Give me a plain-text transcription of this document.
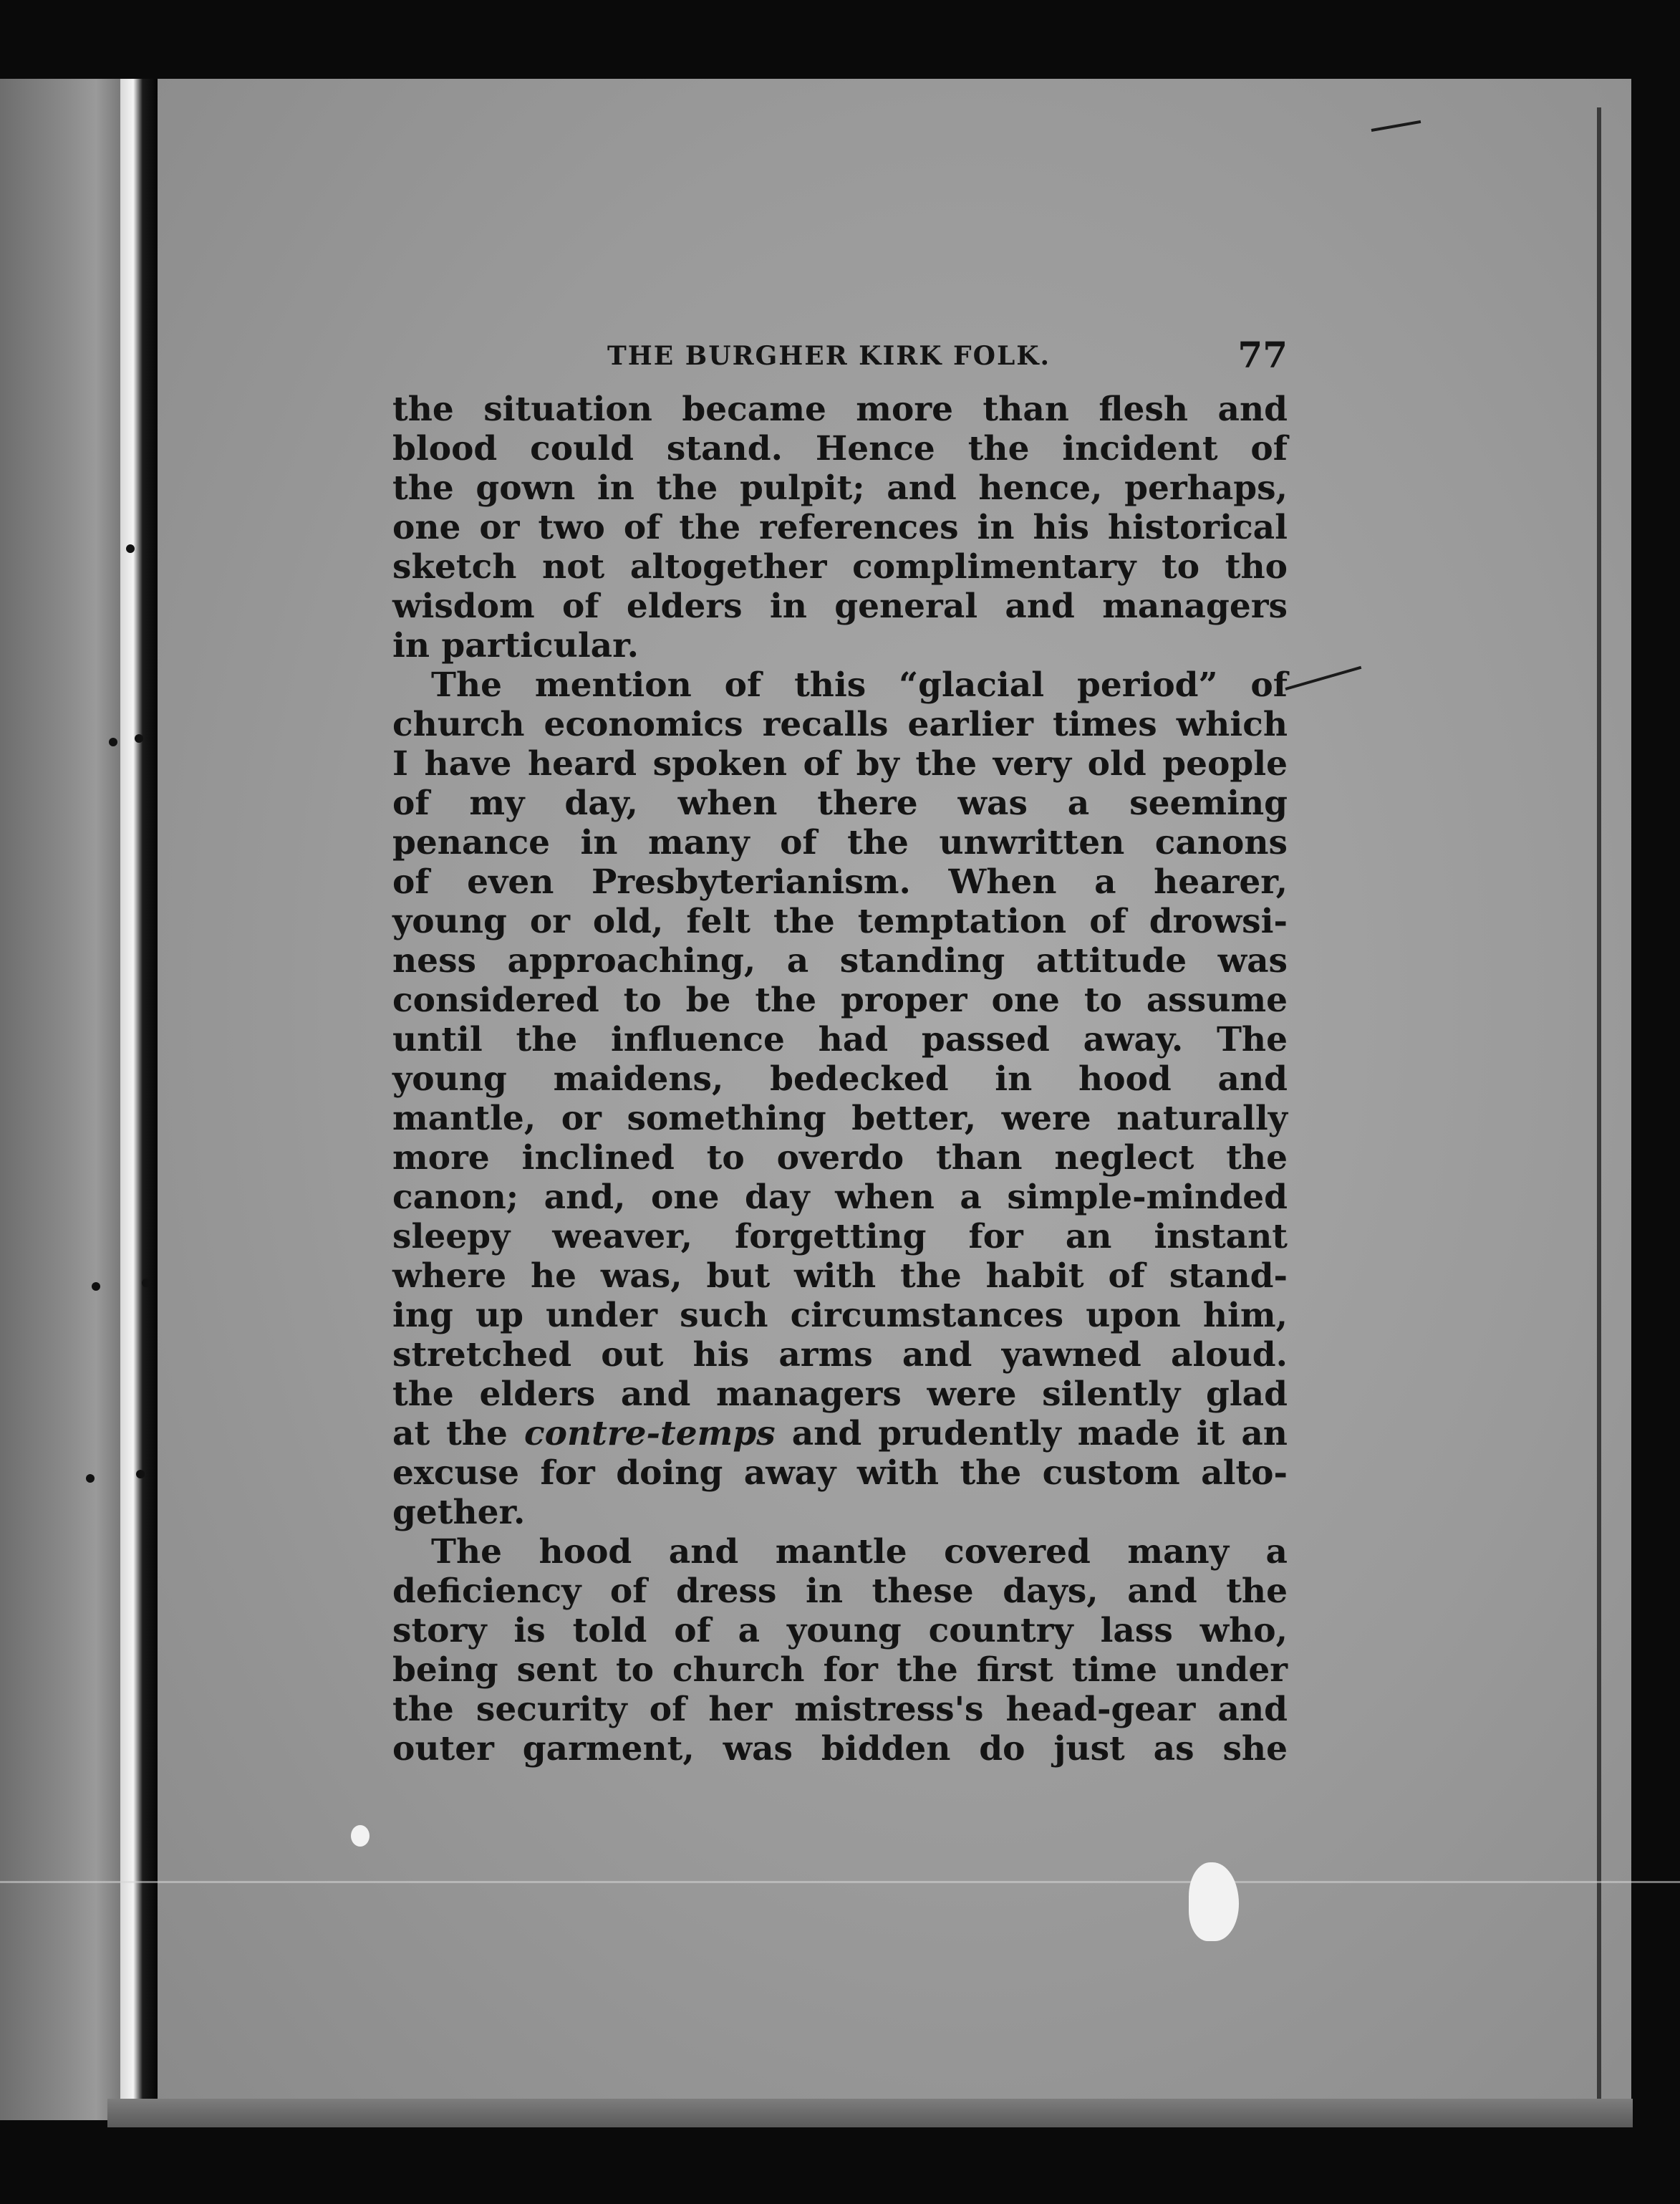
THE BURGHER KIRK FOLK.	77
the situation became more than flesh and
blood could stand. Hence the incident of
the gown in the pulpit; and hence, perhaps,
one or two of the references in his historical
sketch not altogether complimentary to tho
wisdom of elders in general and managers
in particular.
The mention of this “glacial period” of
church economics recalls earlier times which
I have heard spoken of by the very old people
of my day, when there was a seeming
penance in many of the unwritten canons
of even Presbyterianism. When a hearer,
young or old, felt the temptation of drowsi-
ness approaching, a standing attitude was
considered to be the proper one to assume
until the influence had passed away. The
young maidens, bedecked in hood and
mantle, or something better, were naturally
more inclined to overdo than neglect the
canon; and, one day when a simple-minded
sleepy weaver, forgetting for an instant
where he was, but with the habit of stand-
ing up under such circumstances upon him,
stretched out his arms and yawned aloud.
the elders and managers were silently glad
at the contre-temps and prudently made it an
excuse for doing away with the custom alto-
gether.
The hood and mantle covered many a
deficiency of dress in these days, and the
story is told of a young country lass who,
being sent to church for the first time under
the security of her mistress's head-gear and
outer garment, was bidden do just as she
